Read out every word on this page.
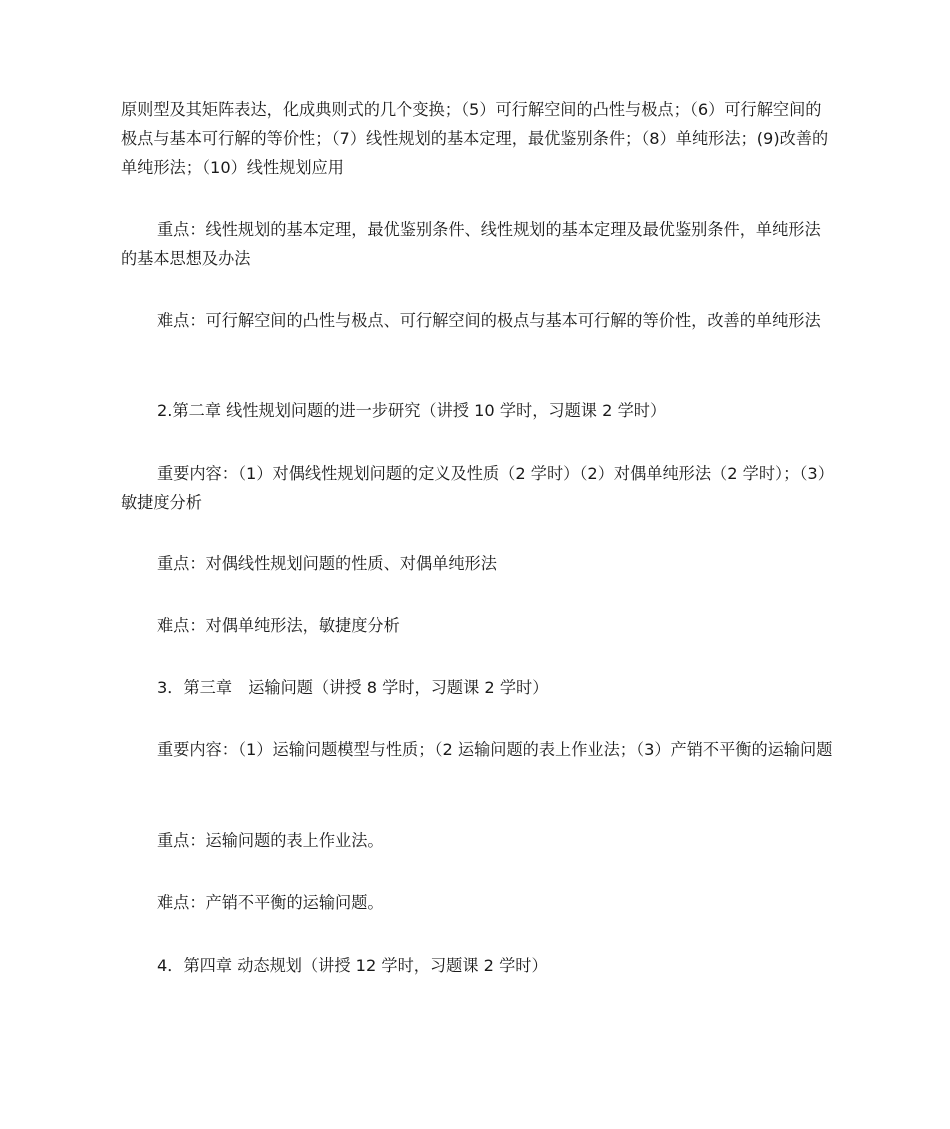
原则型及其矩阵表达，化成典则式的几个变换；（5）可行解空间的凸性与极点；（6）可行解空间的极点与基本可行解的等价性；（7）线性规划的基本定理，最优鉴别条件；（8）单纯形法；(9)改善的单纯形法；（10）线性规划应用

重点：线性规划的基本定理，最优鉴别条件、线性规划的基本定理及最优鉴别条件，单纯形法的基本思想及办法

难点：可行解空间的凸性与极点、可行解空间的极点与基本可行解的等价性，改善的单纯形法

2.第二章 线性规划问题的进一步研究（讲授 10 学时，习题课 2 学时）

重要内容：（1）对偶线性规划问题的定义及性质（2 学时）（2）对偶单纯形法（2 学时）；（3）敏捷度分析

重点：对偶线性规划问题的性质、对偶单纯形法

难点：对偶单纯形法，敏捷度分析

3．第三章　运输问题（讲授 8 学时，习题课 2 学时）

重要内容：（1）运输问题模型与性质；（2 运输问题的表上作业法；（3）产销不平衡的运输问题

重点：运输问题的表上作业法。

难点：产销不平衡的运输问题。

4．第四章 动态规划（讲授 12 学时，习题课 2 学时）
